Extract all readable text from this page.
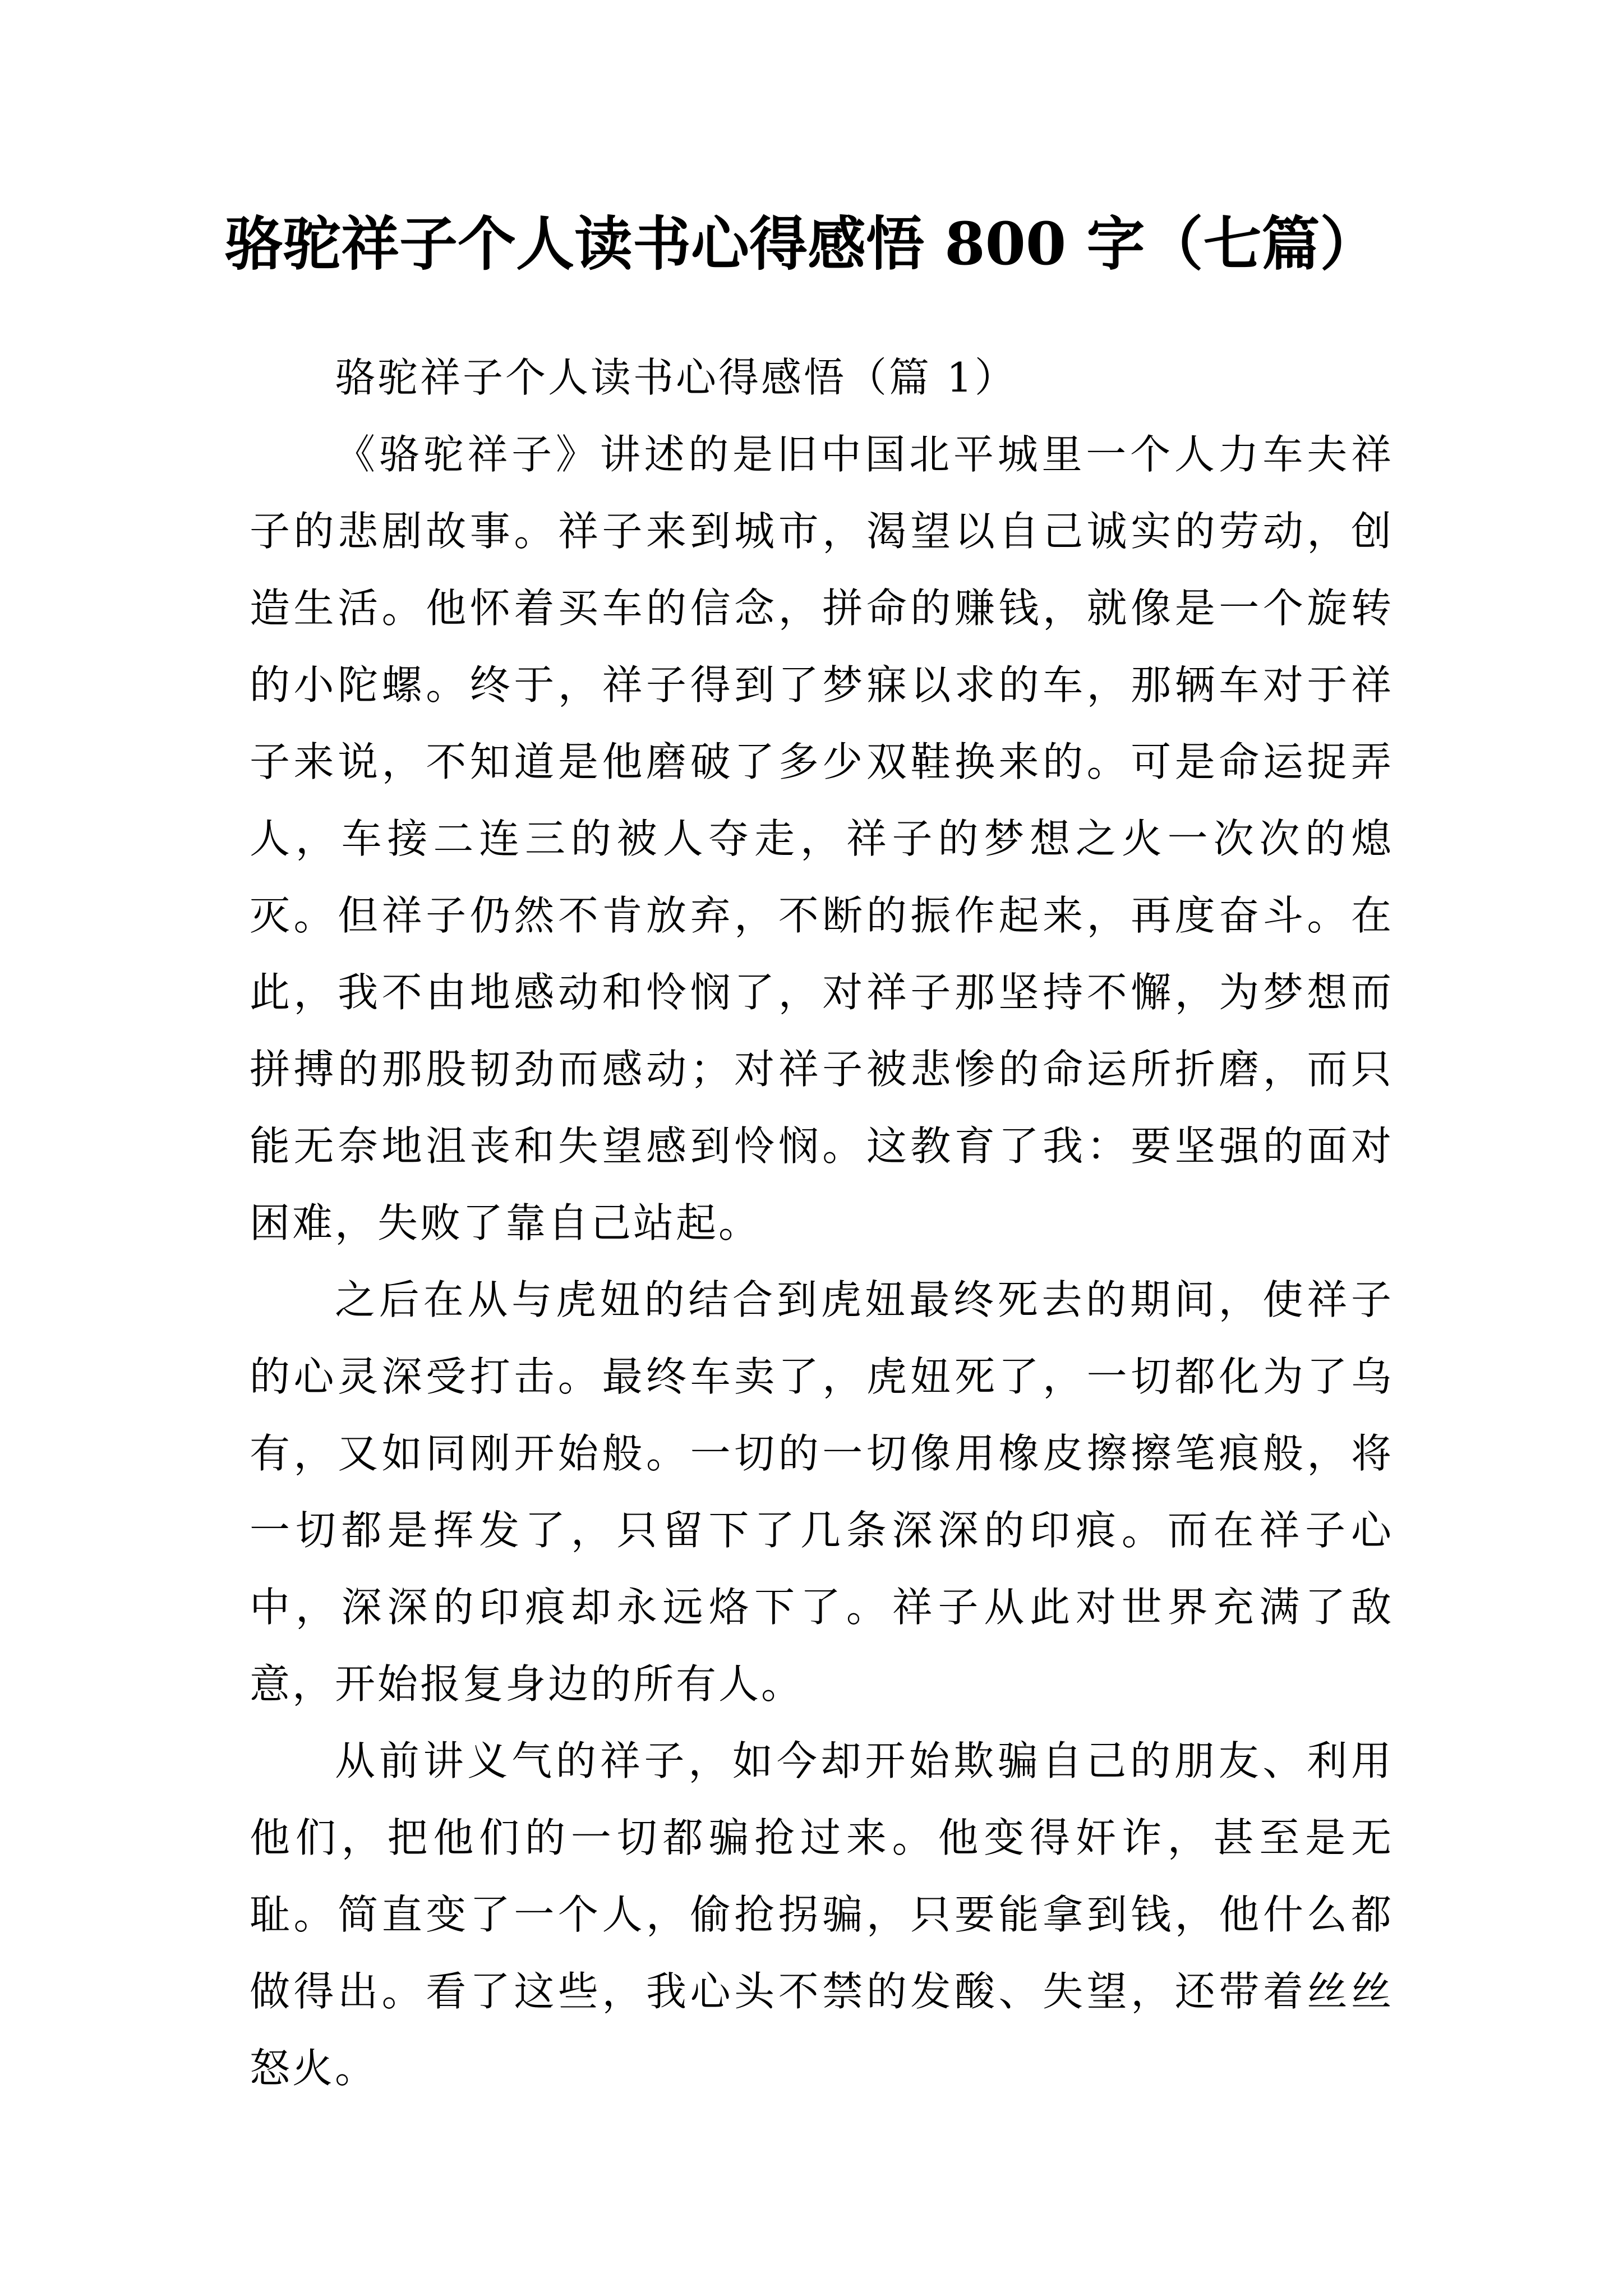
骆驼祥子个人读书心得感悟 800 字（七篇）

骆驼祥子个人读书心得感悟（篇 1）

《骆驼祥子》讲述的是旧中国北平城里一个人力车夫祥子的悲剧故事。祥子来到城市，渴望以自己诚实的劳动，创造生活。他怀着买车的信念，拼命的赚钱，就像是一个旋转的小陀螺。终于，祥子得到了梦寐以求的车，那辆车对于祥子来说，不知道是他磨破了多少双鞋换来的。可是命运捉弄人，车接二连三的被人夺走，祥子的梦想之火一次次的熄灭。但祥子仍然不肯放弃，不断的振作起来，再度奋斗。在此，我不由地感动和怜悯了，对祥子那坚持不懈，为梦想而拼搏的那股韧劲而感动；对祥子被悲惨的命运所折磨，而只能无奈地沮丧和失望感到怜悯。这教育了我：要坚强的面对困难，失败了靠自己站起。

之后在从与虎妞的结合到虎妞最终死去的期间，使祥子的心灵深受打击。最终车卖了，虎妞死了，一切都化为了乌有，又如同刚开始般。一切的一切像用橡皮擦擦笔痕般，将一切都是挥发了，只留下了几条深深的印痕。而在祥子心中，深深的印痕却永远烙下了。祥子从此对世界充满了敌意，开始报复身边的所有人。

从前讲义气的祥子，如今却开始欺骗自己的朋友、利用他们，把他们的一切都骗抢过来。他变得奸诈，甚至是无耻。简直变了一个人，偷抢拐骗，只要能拿到钱，他什么都做得出。看了这些，我心头不禁的发酸、失望，还带着丝丝怒火。
